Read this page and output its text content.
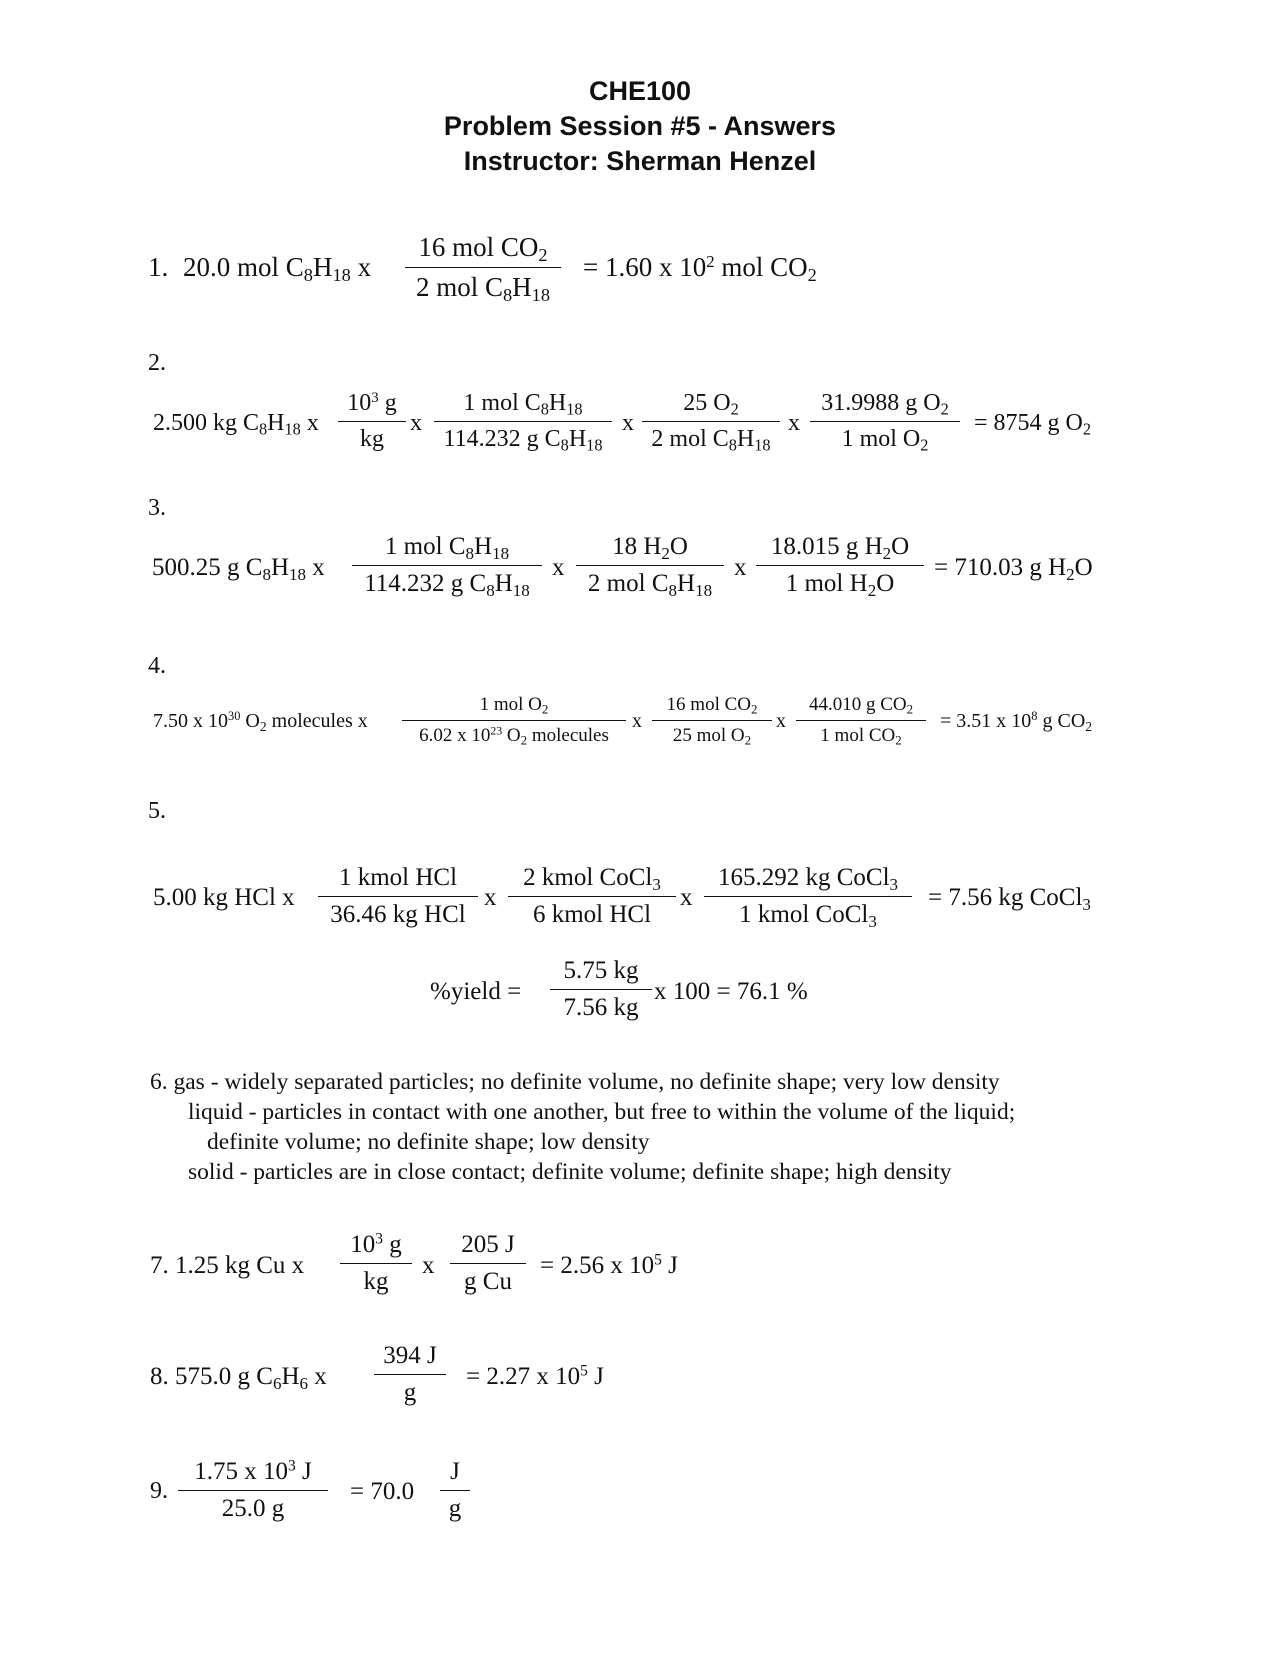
CHE100
Problem Session #5 - Answers
Instructor: Sherman Henzel
1. 20.0 mol $C_8H_{18}$ x
16 mol $CO_2$
2 mol $C_8H_{18}$
= 1.60 x $10^2$ mol $CO_2$
2.
2.500 kg $C_8H_{18}$ x $\frac{10^3 g}{kg}$ x
1 mol $C_8H_{18}$
114.232 g $C_8H_{18}$
x
25 $O_2$
2 mol $C_8H_{18}$
x
31.9988 g $O_2$
1 mol $O_2$
= 8754 g $O_2$
3.
500.25 g $C_8H_{18}$ x
1 mol $C_8H_{18}$
114.232 g $C_8H_{18}$
x
18 $H_2O$
2 mol $C_8H_{18}$
x
18.015 g $H_2O$
1 mol $H_2O$
= 710.03 g $H_2O$
4.
7.50 x $10^{30}$ $O_2$ molecules x
1 mol $O_2$
6.02 x $10^{23}$ $O_2$ molecules
x
16 mol $CO_2$
25 mol $O_2$
x
44.010 g $CO_2$
1 mol $CO_2$
= 3.51 x $10^8$ g $CO_2$
5.
5.00 kg HCl x
1 kmol HCl
36.46 kg HCl
x
2 kmol CoCl$_3$
6 kmol HCl
x
165.292 kg CoCl$_3$
1 kmol CoCl$_3$
= 7.56 kg CoCl$_3$
%yield = $\frac{5.75 kg}{7.56 kg}$ x 100 = 76.1 %
6. gas - widely separated particles; no definite volume, no definite shape; very low density
liquid - particles in contact with one another, but free to within the volume of the liquid;
definite volume; no definite shape; low density
solid - particles are in close contact; definite volume; definite shape; high density
7. 1.25 kg Cu x $\frac{10^3 g}{kg}$ x $\frac{205 J}{\text{g Cu}} = 2.56$ x $10^5$ J
8. 575.0 g $C_6H_6$ x $\frac{394 J}{g} = 2.27$ x $10^5$ J
9. $\frac{1.75 x 10^3 J}{25.0 g} = 70.0 \frac{J}{g}$
